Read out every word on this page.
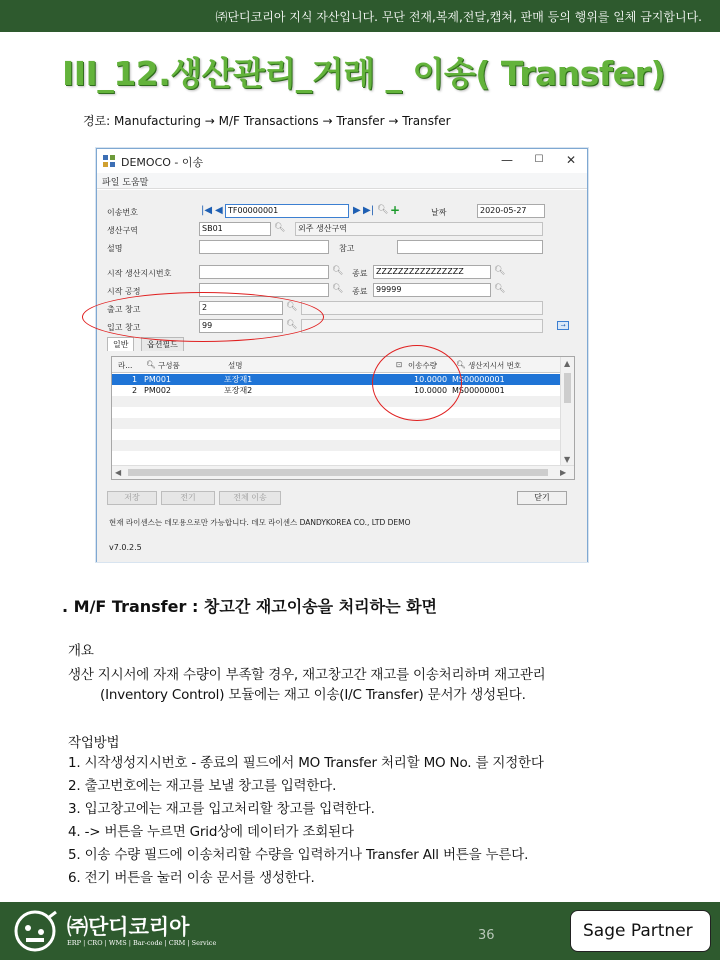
㈜단디코리아 지식 자산입니다. 무단 전재,복제,전달,캡쳐, 판매 등의 행위를 일체 금지합니다.
III_12.생산관리_거래 _ 이송( Transfer)
경로: Manufacturing → M/F Transactions → Transfer → Transfer
DEMOCO - 이송	—	☐	✕
파일 도움말
이송번호	|◀ ◀ TF00000001	▶ ▶| 🔍︎ +	날짜	2020-05-27
생산구역	SB01	🔍︎	외주 생산구역
설명	참고
시작 생산지시번호	🔍︎ 종료	ZZZZZZZZZZZZZZZZ	🔍︎
시작 공정	🔍︎ 종료	99999	🔍︎
출고 창고	2	🔍︎
입고 창고	99	🔍︎	→
일반	옵션필드
라... 🔍︎ 구성품	설명	⊡ 이송수량	🔍︎ 생산지시서 번호
1 PM001	포장재1	10.0000 MS00000001
2 PM002	포장재2	10.0000 MS00000001
▲
▼
◀	▶
저장	전기	전체 이송	닫기
현재 라이센스는 데모용으로만 가능합니다. 데모 라이센스 DANDYKOREA CO., LTD DEMO
v7.0.2.5
. M/F Transfer : 창고간 재고이송을 처리하는 화면
개요
생산 지시서에 자재 수량이 부족할 경우, 재고창고간 재고를 이송처리하며 재고관리
(Inventory Control) 모듈에는 재고 이송(I/C Transfer) 문서가 생성된다.
작업방법
1. 시작생성지시번호 - 종료의 필드에서 MO Transfer 처리할 MO No. 를 지정한다
2. 출고번호에는 재고를 보낼 창고를 입력한다.
3. 입고창고에는 재고를 입고처리할 창고를 입력한다.
4. -> 버튼을 누르면 Grid상에 데이터가 조회된다
5. 이송 수량 필드에 이송처리할 수량을 입력하거나 Transfer All 버튼을 누른다.
6. 전기 버튼을 눌러 이송 문서를 생성한다.
㈜단디코리아
ERP | CRO | WMS | Bar-code | CRM | Service	36	Sage Partner
